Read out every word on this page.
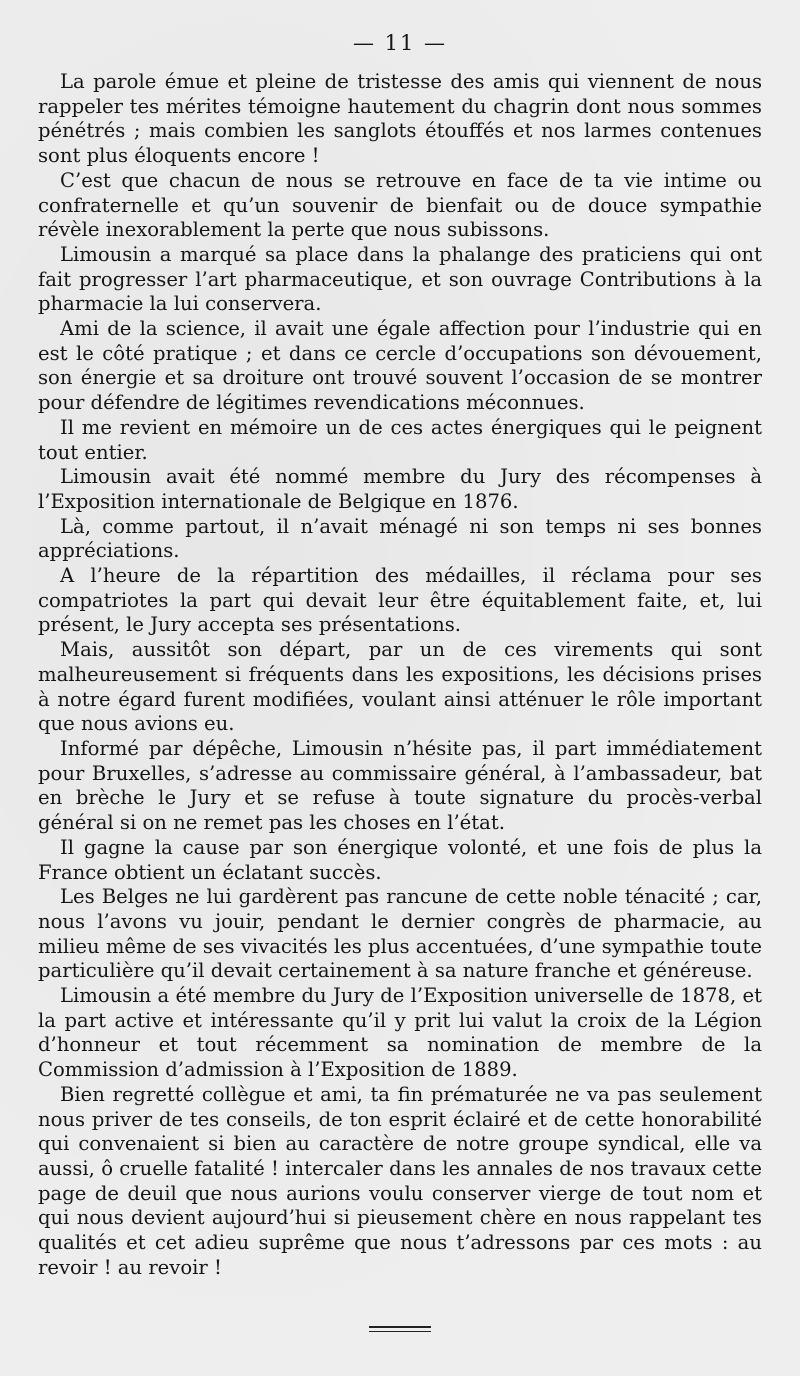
— 11 —

La parole émue et pleine de tristesse des amis qui viennent de nous rappeler tes mérites témoigne hautement du chagrin dont nous sommes pénétrés ; mais combien les sanglots étouffés et nos larmes contenues sont plus éloquents encore !

C’est que chacun de nous se retrouve en face de ta vie intime ou confraternelle et qu’un souvenir de bienfait ou de douce sympathie révèle inexorablement la perte que nous subissons.

Limousin a marqué sa place dans la phalange des praticiens qui ont fait progresser l’art pharmaceutique, et son ouvrage Contributions à la pharmacie la lui conservera.

Ami de la science, il avait une égale affection pour l’industrie qui en est le côté pratique ; et dans ce cercle d’occupations son dévouement, son énergie et sa droiture ont trouvé souvent l’occasion de se montrer pour défendre de légitimes revendications méconnues.

Il me revient en mémoire un de ces actes énergiques qui le peignent tout entier.

Limousin avait été nommé membre du Jury des récompenses à l’Exposition internationale de Belgique en 1876.

Là, comme partout, il n’avait ménagé ni son temps ni ses bonnes appréciations.

A l’heure de la répartition des médailles, il réclama pour ses compatriotes la part qui devait leur être équitablement faite, et, lui présent, le Jury accepta ses présentations.

Mais, aussitôt son départ, par un de ces virements qui sont malheureusement si fréquents dans les expositions, les décisions prises à notre égard furent modifiées, voulant ainsi atténuer le rôle important que nous avions eu.

Informé par dépêche, Limousin n’hésite pas, il part immédiatement pour Bruxelles, s’adresse au commissaire général, à l’ambassadeur, bat en brèche le Jury et se refuse à toute signature du procès-verbal général si on ne remet pas les choses en l’état.

Il gagne la cause par son énergique volonté, et une fois de plus la France obtient un éclatant succès.

Les Belges ne lui gardèrent pas rancune de cette noble ténacité ; car, nous l’avons vu jouir, pendant le dernier congrès de pharmacie, au milieu même de ses vivacités les plus accentuées, d’une sympathie toute particulière qu’il devait certainement à sa nature franche et généreuse.

Limousin a été membre du Jury de l’Exposition universelle de 1878, et la part active et intéressante qu’il y prit lui valut la croix de la Légion d’honneur et tout récemment sa nomination de membre de la Commission d’admission à l’Exposition de 1889.

Bien regretté collègue et ami, ta fin prématurée ne va pas seulement nous priver de tes conseils, de ton esprit éclairé et de cette honorabilité qui convenaient si bien au caractère de notre groupe syndical, elle va aussi, ô cruelle fatalité ! intercaler dans les annales de nos travaux cette page de deuil que nous aurions voulu conserver vierge de tout nom et qui nous devient aujourd’hui si pieusement chère en nous rappelant tes qualités et cet adieu suprême que nous t’adressons par ces mots : au revoir ! au revoir !
